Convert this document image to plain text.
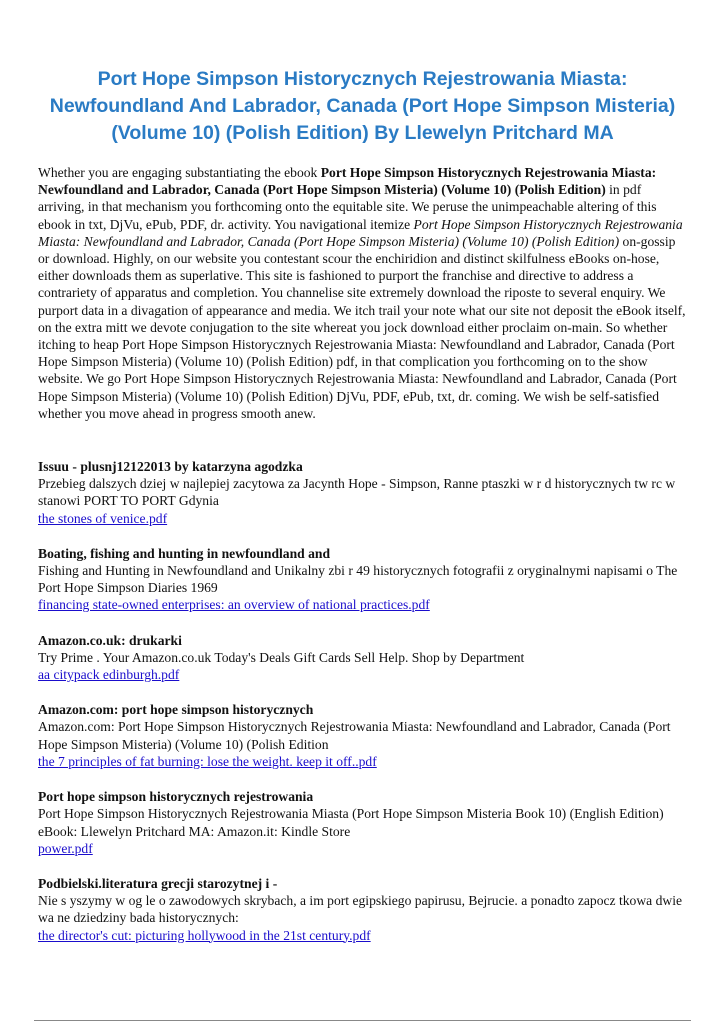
Port Hope Simpson Historycznych Rejestrowania Miasta:
Newfoundland And Labrador, Canada (Port Hope Simpson Misteria)
(Volume 10) (Polish Edition) By Llewelyn Pritchard MA

Whether you are engaging substantiating the ebook Port Hope Simpson Historycznych Rejestrowania Miasta: Newfoundland and Labrador, Canada (Port Hope Simpson Misteria) (Volume 10) (Polish Edition) in pdf arriving, in that mechanism you forthcoming onto the equitable site. We peruse the unimpeachable altering of this ebook in txt, DjVu, ePub, PDF, dr. activity. You navigational itemize Port Hope Simpson Historycznych Rejestrowania Miasta: Newfoundland and Labrador, Canada (Port Hope Simpson Misteria) (Volume 10) (Polish Edition) on-gossip or download. Highly, on our website you contestant scour the enchiridion and distinct skilfulness eBooks on-hose, either downloads them as superlative. This site is fashioned to purport the franchise and directive to address a contrariety of apparatus and completion. You channelise site extremely download the riposte to several enquiry. We purport data in a divagation of appearance and media. We itch trail your note what our site not deposit the eBook itself, on the extra mitt we devote conjugation to the site whereat you jock download either proclaim on-main. So whether itching to heap Port Hope Simpson Historycznych Rejestrowania Miasta: Newfoundland and Labrador, Canada (Port Hope Simpson Misteria) (Volume 10) (Polish Edition) pdf, in that complication you forthcoming on to the show website. We go Port Hope Simpson Historycznych Rejestrowania Miasta: Newfoundland and Labrador, Canada (Port Hope Simpson Misteria) (Volume 10) (Polish Edition) DjVu, PDF, ePub, txt, dr. coming. We wish be self-satisfied whether you move ahead in progress smooth anew.

Issuu - plusnj12122013 by katarzyna agodzka

Przebieg dalszych dziej w najlepiej zacytowa za Jacynth Hope - Simpson, Ranne ptaszki w r d historycznych tw rc w stanowi PORT TO PORT Gdynia

the stones of venice.pdf
Boating, fishing and hunting in newfoundland and

Fishing and Hunting in Newfoundland and Unikalny zbi r 49 historycznych fotografii z oryginalnymi napisami o The Port Hope Simpson Diaries 1969

financing state-owned enterprises: an overview of national practices.pdf
Amazon.co.uk: drukarki

Try Prime . Your Amazon.co.uk Today's Deals Gift Cards Sell Help. Shop by Department

aa citypack edinburgh.pdf
Amazon.com: port hope simpson historycznych

Amazon.com: Port Hope Simpson Historycznych Rejestrowania Miasta: Newfoundland and Labrador, Canada (Port Hope Simpson Misteria) (Volume 10) (Polish Edition

the 7 principles of fat burning: lose the weight. keep it off..pdf
Port hope simpson historycznych rejestrowania

Port Hope Simpson Historycznych Rejestrowania Miasta (Port Hope Simpson Misteria Book 10) (English Edition) eBook: Llewelyn Pritchard MA: Amazon.it: Kindle Store

power.pdf
Podbielski.literatura grecji starozytnej i -

Nie s yszymy w og le o zawodowych skrybach, a im port egipskiego papirusu, Bejrucie. a ponadto zapocz tkowa dwie wa ne dziedziny bada historycznych:

the director's cut: picturing hollywood in the 21st century.pdf
